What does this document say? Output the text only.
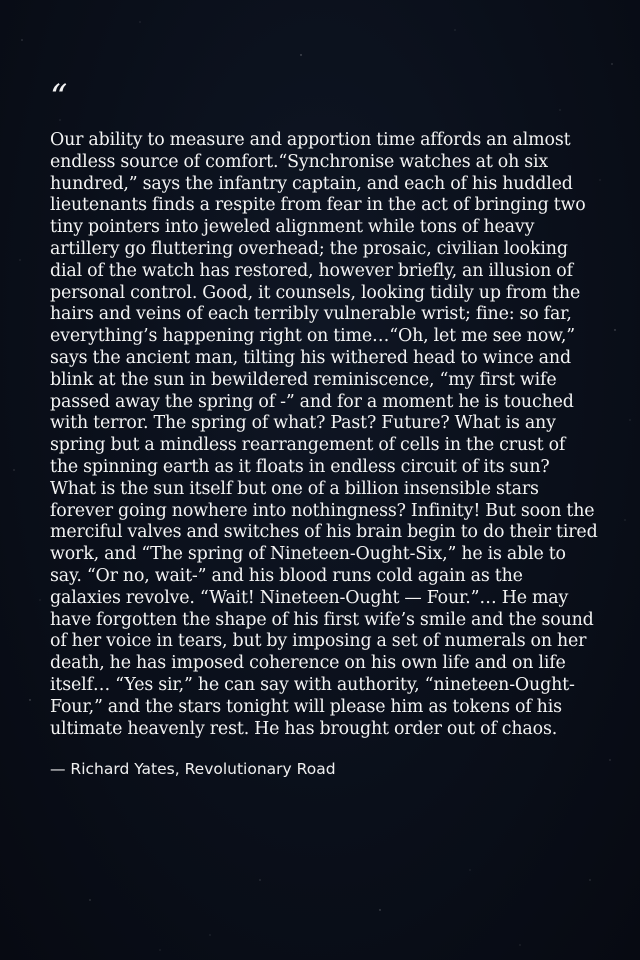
“

Our ability to measure and apportion time affords an almost endless source of comfort.“Synchronise watches at oh six hundred,” says the infantry captain, and each of his huddled lieutenants finds a respite from fear in the act of bringing two tiny pointers into jeweled alignment while tons of heavy artillery go fluttering overhead; the prosaic, civilian looking dial of the watch has restored, however briefly, an illusion of personal control. Good, it counsels, looking tidily up from the hairs and veins of each terribly vulnerable wrist; fine: so far, everything’s happening right on time…“Oh, let me see now,” says the ancient man, tilting his withered head to wince and blink at the sun in bewildered reminiscence, “my first wife passed away the spring of -” and for a moment he is touched with terror. The spring of what? Past? Future? What is any spring but a mindless rearrangement of cells in the crust of the spinning earth as it floats in endless circuit of its sun? What is the sun itself but one of a billion insensible stars forever going nowhere into nothingness? Infinity! But soon the merciful valves and switches of his brain begin to do their tired work, and “The spring of Nineteen-Ought-Six,” he is able to say. “Or no, wait-” and his blood runs cold again as the galaxies revolve. “Wait! Nineteen-Ought — Four.”… He may have forgotten the shape of his first wife’s smile and the sound of her voice in tears, but by imposing a set of numerals on her death, he has imposed coherence on his own life and on life itself… “Yes sir,” he can say with authority, “nineteen-Ought-Four,” and the stars tonight will please him as tokens of his ultimate heavenly rest. He has brought order out of chaos.

— Richard Yates, Revolutionary Road
